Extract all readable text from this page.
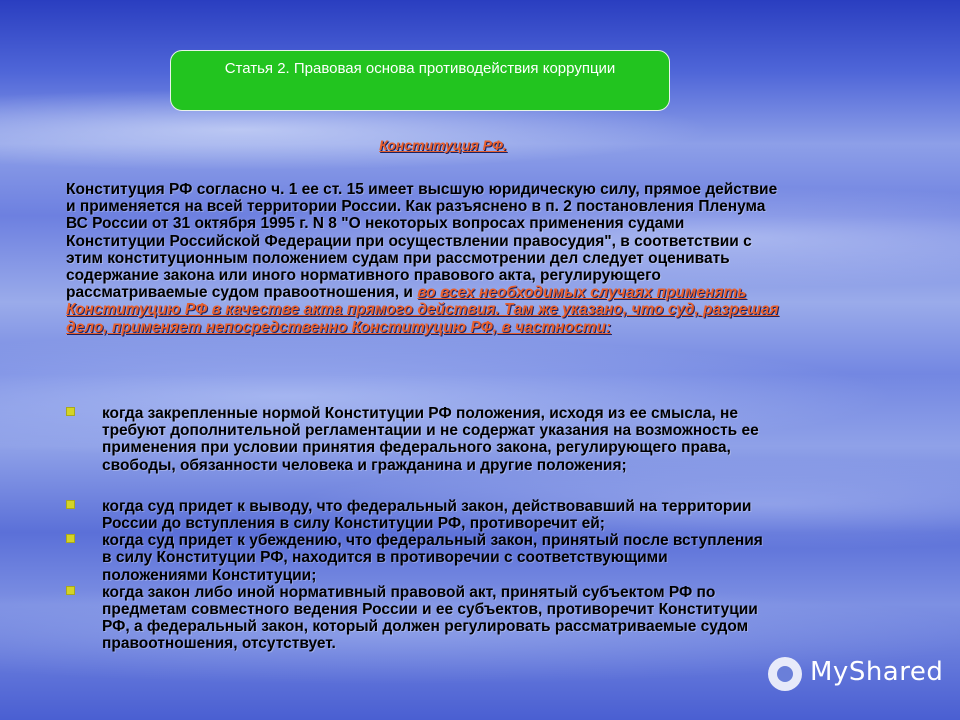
Статья 2. Правовая основа противодействия коррупции
Конституция РФ.
Конституция РФ согласно ч. 1 ее ст. 15 имеет высшую юридическую силу, прямое действие и применяется на всей территории России. Как разъяснено в п. 2 постановления Пленума ВС России от 31 октября 1995 г. N 8 "О некоторых вопросах применения судами Конституции Российской Федерации при осуществлении правосудия", в соответствии с этим конституционным положением судам при рассмотрении дел следует оценивать содержание закона или иного нормативного правового акта, регулирующего рассматриваемые судом правоотношения, и во всех необходимых случаях применять Конституцию РФ в качестве акта прямого действия. Там же указано, что суд, разрешая дело, применяет непосредственно Конституцию РФ, в частности:
когда закрепленные нормой Конституции РФ положения, исходя из ее смысла, не требуют дополнительной регламентации и не содержат указания на возможность ее применения при условии принятия федерального закона, регулирующего права, свободы, обязанности человека и гражданина и другие положения;
когда суд придет к выводу, что федеральный закон, действовавший на территории России до вступления в силу Конституции РФ, противоречит ей;
когда суд придет к убеждению, что федеральный закон, принятый после вступления в силу Конституции РФ, находится в противоречии с соответствующими положениями Конституции;
когда закон либо иной нормативный правовой акт, принятый субъектом РФ по предметам совместного ведения России и ее субъектов, противоречит Конституции РФ, а федеральный закон, который должен регулировать рассматриваемые судом правоотношения, отсутствует.
MyShared
